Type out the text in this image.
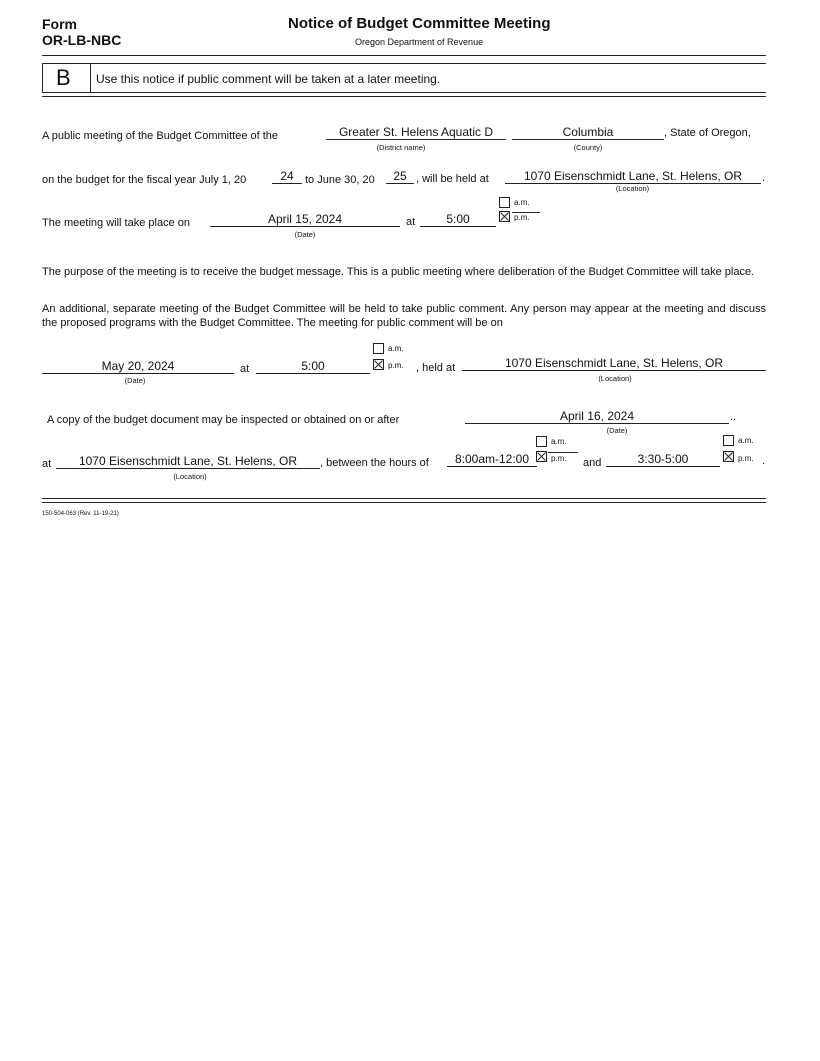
Form
OR-LB-NBC
Notice of Budget Committee Meeting
Oregon Department of Revenue
B Use this notice if public comment will be taken at a later meeting.
A public meeting of the Budget Committee of the	Greater St. Helens Aquatic D
(District name)
Columbia
(County)
, State of Oregon,
on the budget for the fiscal year July 1, 20	24	to June 30, 20	25 , will be held at	1070 Eisenschmidt Lane, St. Helens, OR	.
(Location)
The meeting will take place on	April 15, 2024
(Date)
at	5:00
a.m.
p.m.
The purpose of the meeting is to receive the budget message. This is a public meeting where deliberation of the Budget Committee will take place.
An additional, separate meeting of the Budget Committee will be held to take public comment. Any person may appear at the meeting and discuss the proposed programs with the Budget Committee. The meeting for public comment will be on
May 20, 2024
(Date)
at	5:00
a.m.
p.m. , held at	1070 Eisenschmidt Lane, St. Helens, OR
(Location)
A copy of the budget document may be inspected or obtained on or after	April 16, 2024	..
(Date)
at	1070 Eisenschmidt Lane, St. Helens, OR
(Location)
, between the hours of	8:00am-12:00
a.m.
p.m. and	3:30-5:00
a.m.
p.m. .
150-504-063 (Rev. 11-19-21)
